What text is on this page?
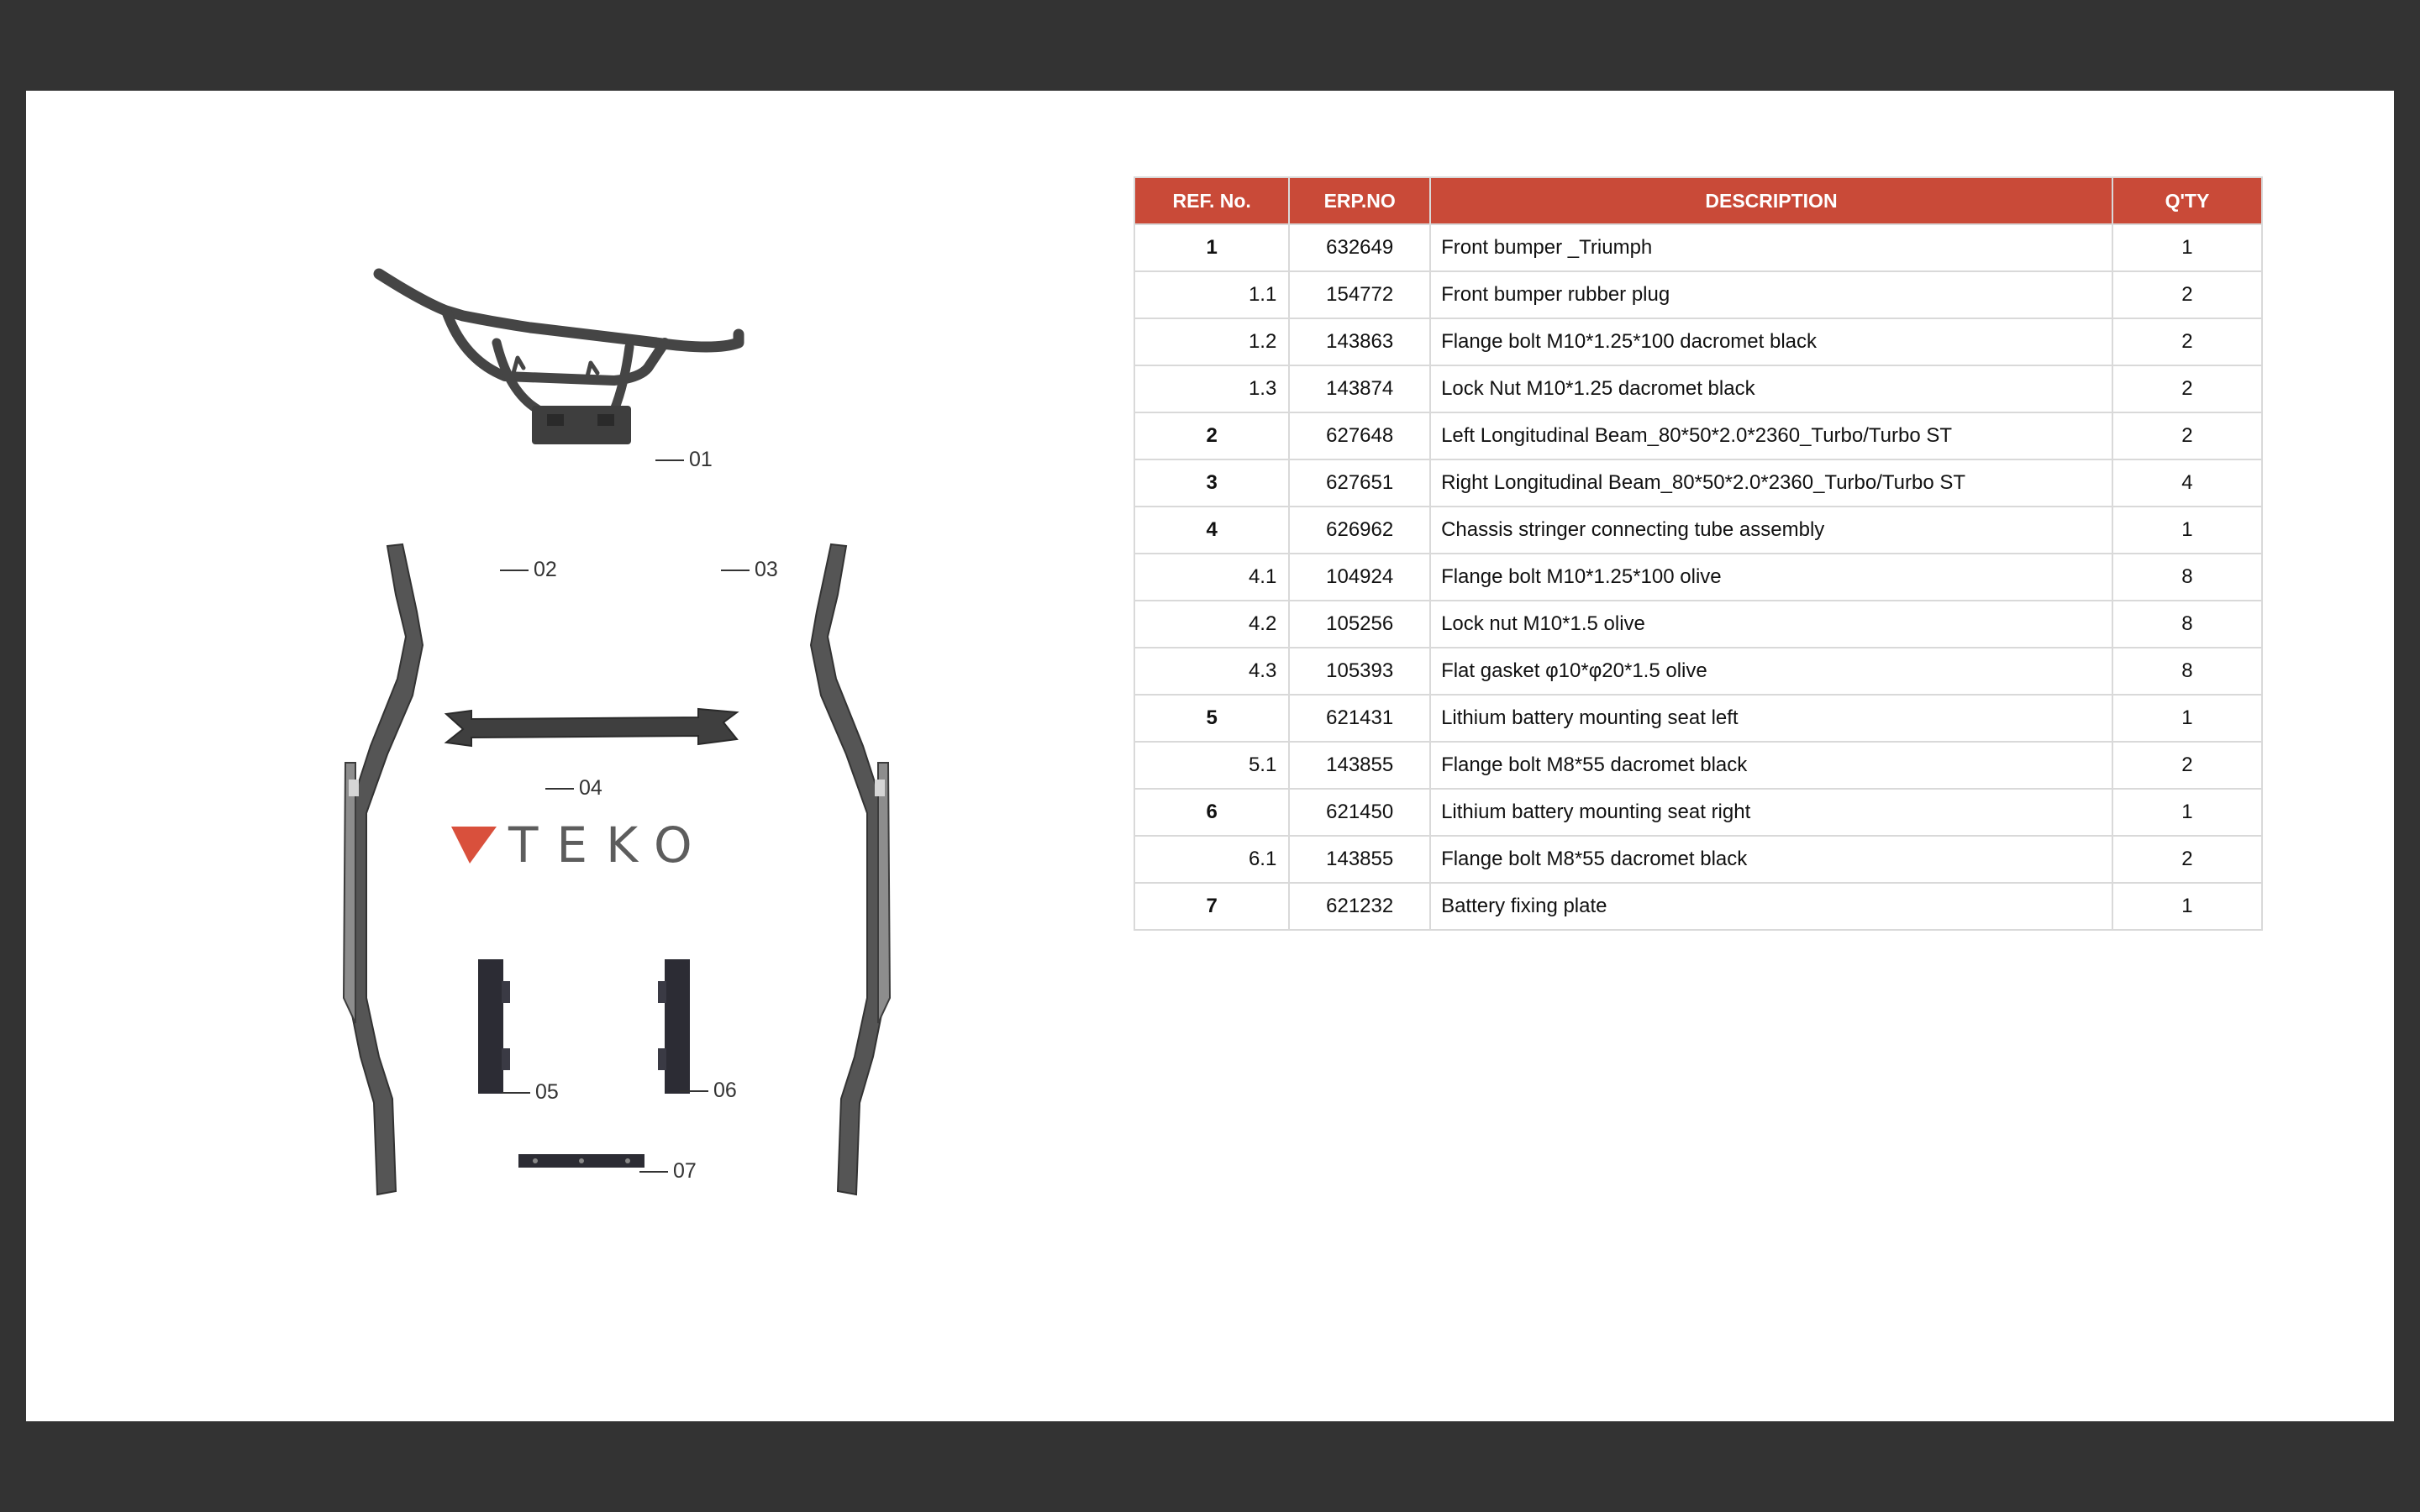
TEKO
01
02	03
04
05	06
07
REF. No.	ERP.NO	DESCRIPTION	Q'TY
1	632649	Front bumper _Triumph	1
1.1	154772	Front bumper rubber plug	2
1.2	143863	Flange bolt M10*1.25*100 dacromet black	2
1.3	143874	Lock Nut M10*1.25 dacromet black	2
2	627648	Left Longitudinal Beam_80*50*2.0*2360_Turbo/Turbo ST	2
3	627651	Right Longitudinal Beam_80*50*2.0*2360_Turbo/Turbo ST	4
4	626962	Chassis stringer connecting tube assembly	1
4.1	104924	Flange bolt M10*1.25*100 olive	8
4.2	105256	Lock nut M10*1.5 olive	8
4.3	105393	Flat gasket φ10*φ20*1.5 olive	8
5	621431	Lithium battery mounting seat left	1
5.1	143855	Flange bolt M8*55 dacromet black	2
6	621450	Lithium battery mounting seat right	1
6.1	143855	Flange bolt M8*55 dacromet black	2
7	621232	Battery fixing plate	1
